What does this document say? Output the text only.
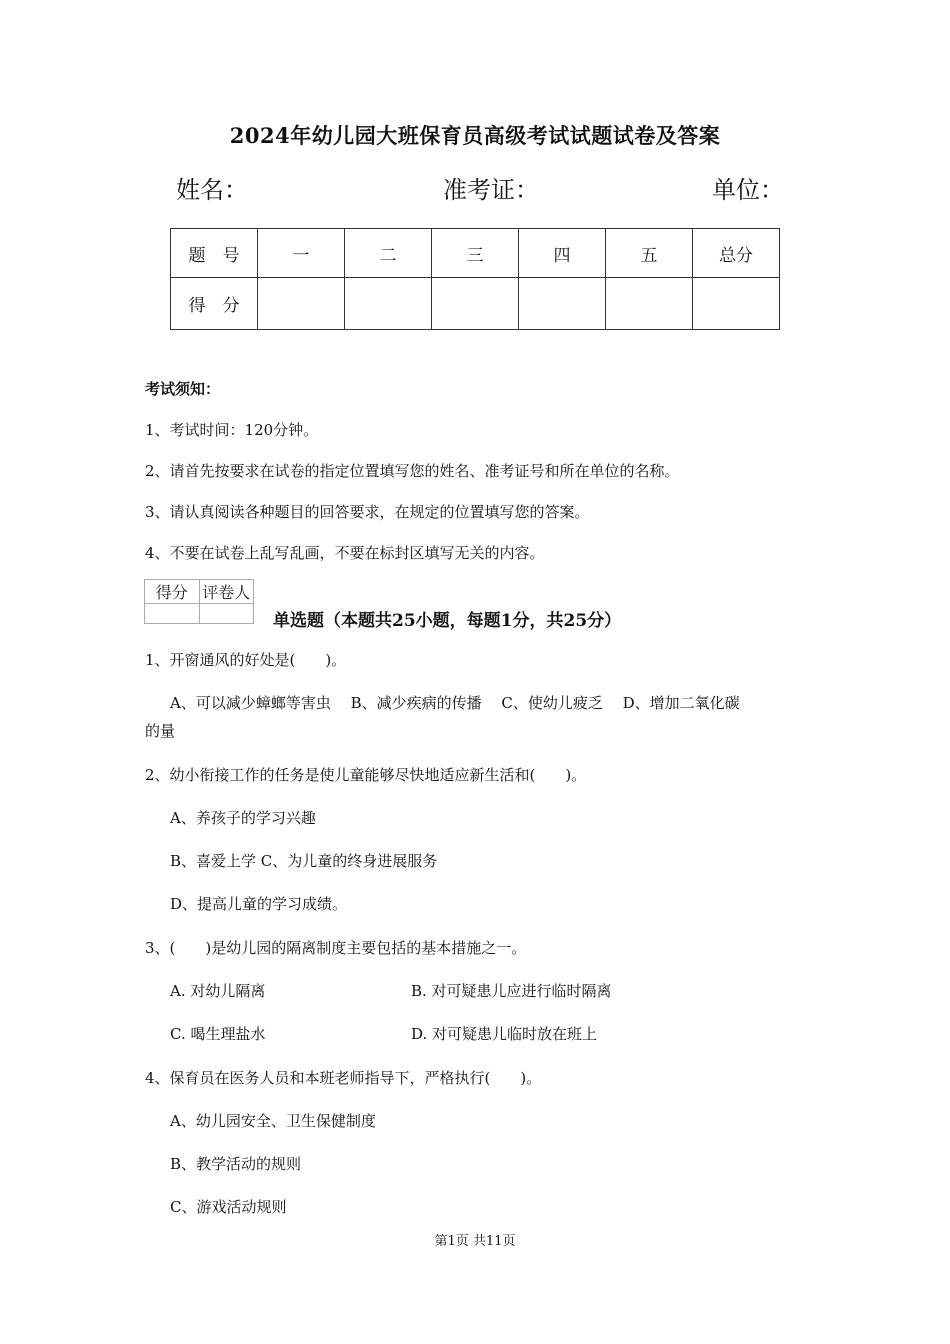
2024年幼儿园大班保育员高级考试试题试卷及答案
姓名：	准考证：	单位：
题　号	一	二	三	四	五	总分
得　分						
考试须知：
1、考试时间：120分钟。
2、请首先按要求在试卷的指定位置填写您的姓名、准考证号和所在单位的名称。
3、请认真阅读各种题目的回答要求，在规定的位置填写您的答案。
4、不要在试卷上乱写乱画，不要在标封区填写无关的内容。
得分	评卷人

单选题（本题共25小题，每题1分，共25分）
1、开窗通风的好处是(　　)。
A、可以减少蟑螂等害虫　 B、减少疾病的传播　 C、使幼儿疲乏　 D、增加二氧化碳
的量
2、幼小衔接工作的任务是使儿童能够尽快地适应新生活和(　　)。
A、养孩子的学习兴趣
B、喜爱上学 C、为儿童的终身进展服务
D、提高儿童的学习成绩。
3、(　　)是幼儿园的隔离制度主要包括的基本措施之一。
A. 对幼儿隔离	B. 对可疑患儿应进行临时隔离
C. 喝生理盐水	D. 对可疑患儿临时放在班上
4、保育员在医务人员和本班老师指导下，严格执行(　　)。
A、幼儿园安全、卫生保健制度
B、教学活动的规则
C、游戏活动规则
第1页 共11页
